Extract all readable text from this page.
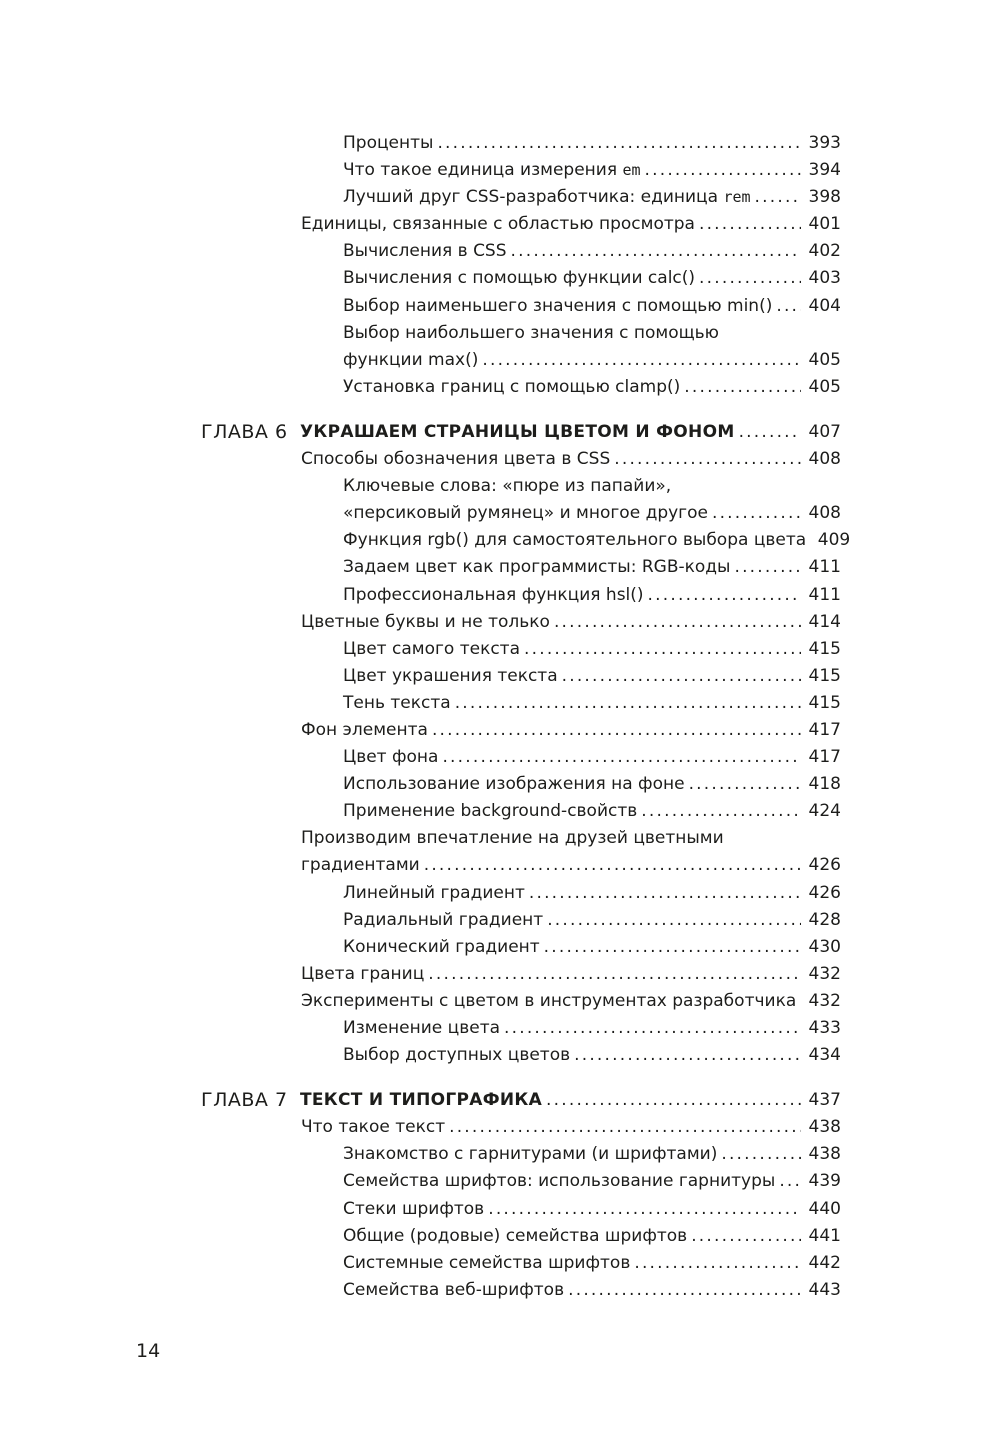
Проценты .....	393
Что такое единица измерения em .....	394
Лучший друг CSS-разработчика: единица rem .....	398
Единицы, связанные с областью просмотра .....	401
Вычисления в CSS .....	402
Вычисления с помощью функции calc() .....	403
Выбор наименьшего значения с помощью min() ..... 404
Выбор наибольшего значения с помощью
функции max() .....	405
Установка границ с помощью clamp() .....	405
ГЛАВА 6 УКРАШАЕМ СТРАНИЦЫ ЦВЕТОМ И ФОНОМ .....	407
Способы обозначения цвета в CSS .....	408
Ключевые слова: «пюре из папайи»,
«персиковый румянец» и многое другое .....	408
Функция rgb() для самостоятельного выбора цвета 409
Задаем цвет как программисты: RGB-коды .....	411
Профессиональная функция hsl() .....	411
Цветные буквы и не только .....	414
Цвет самого текста .....	415
Цвет украшения текста .....	415
Тень текста .....	415
Фон элемента .....	417
Цвет фона .....	417
Использование изображения на фоне .....	418
Применение background-свойств .....	424
Производим впечатление на друзей цветными
градиентами .....	426
Линейный градиент .....	426
Радиальный градиент .....	428
Конический градиент .....	430
Цвета границ .....	432
Эксперименты с цветом в инструментах разработчика ..... 432
Изменение цвета .....	433
Выбор доступных цветов .....	434
ГЛАВА 7 ТЕКСТ И ТИПОГРАФИКА .....	437
Что такое текст .....	438
Знакомство с гарнитурами (и шрифтами) .....	438
Семейства шрифтов: использование гарнитуры ..... 439
Стеки шрифтов .....	440
Общие (родовые) семейства шрифтов .....	441
Системные семейства шрифтов .....	442
Семейства веб-шрифтов .....	443
14
